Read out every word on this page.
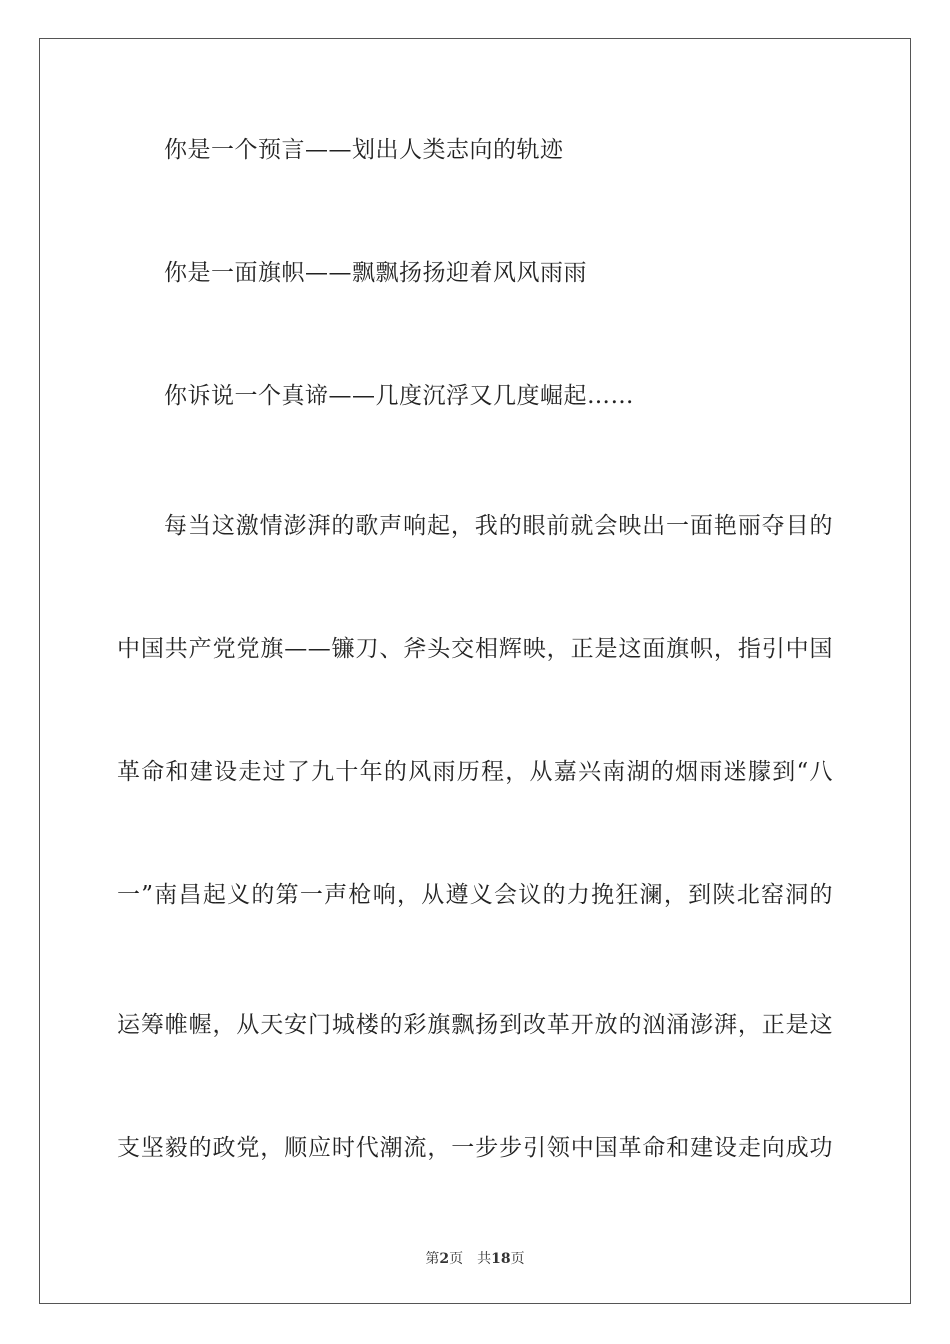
你是一个预言——划出人类志向的轨迹
你是一面旗帜——飘飘扬扬迎着风风雨雨
你诉说一个真谛——几度沉浮又几度崛起……
每当这激情澎湃的歌声响起，我的眼前就会映出一面艳丽夺目的
中国共产党党旗——镰刀、斧头交相辉映，正是这面旗帜，指引中国
革命和建设走过了九十年的风雨历程，从嘉兴南湖的烟雨迷朦到“八
一”南昌起义的第一声枪响，从遵义会议的力挽狂澜，到陕北窑洞的
运筹帷幄，从天安门城楼的彩旗飘扬到改革开放的汹涌澎湃，正是这
支坚毅的政党，顺应时代潮流，一步步引领中国革命和建设走向成功
第2页 共18页
